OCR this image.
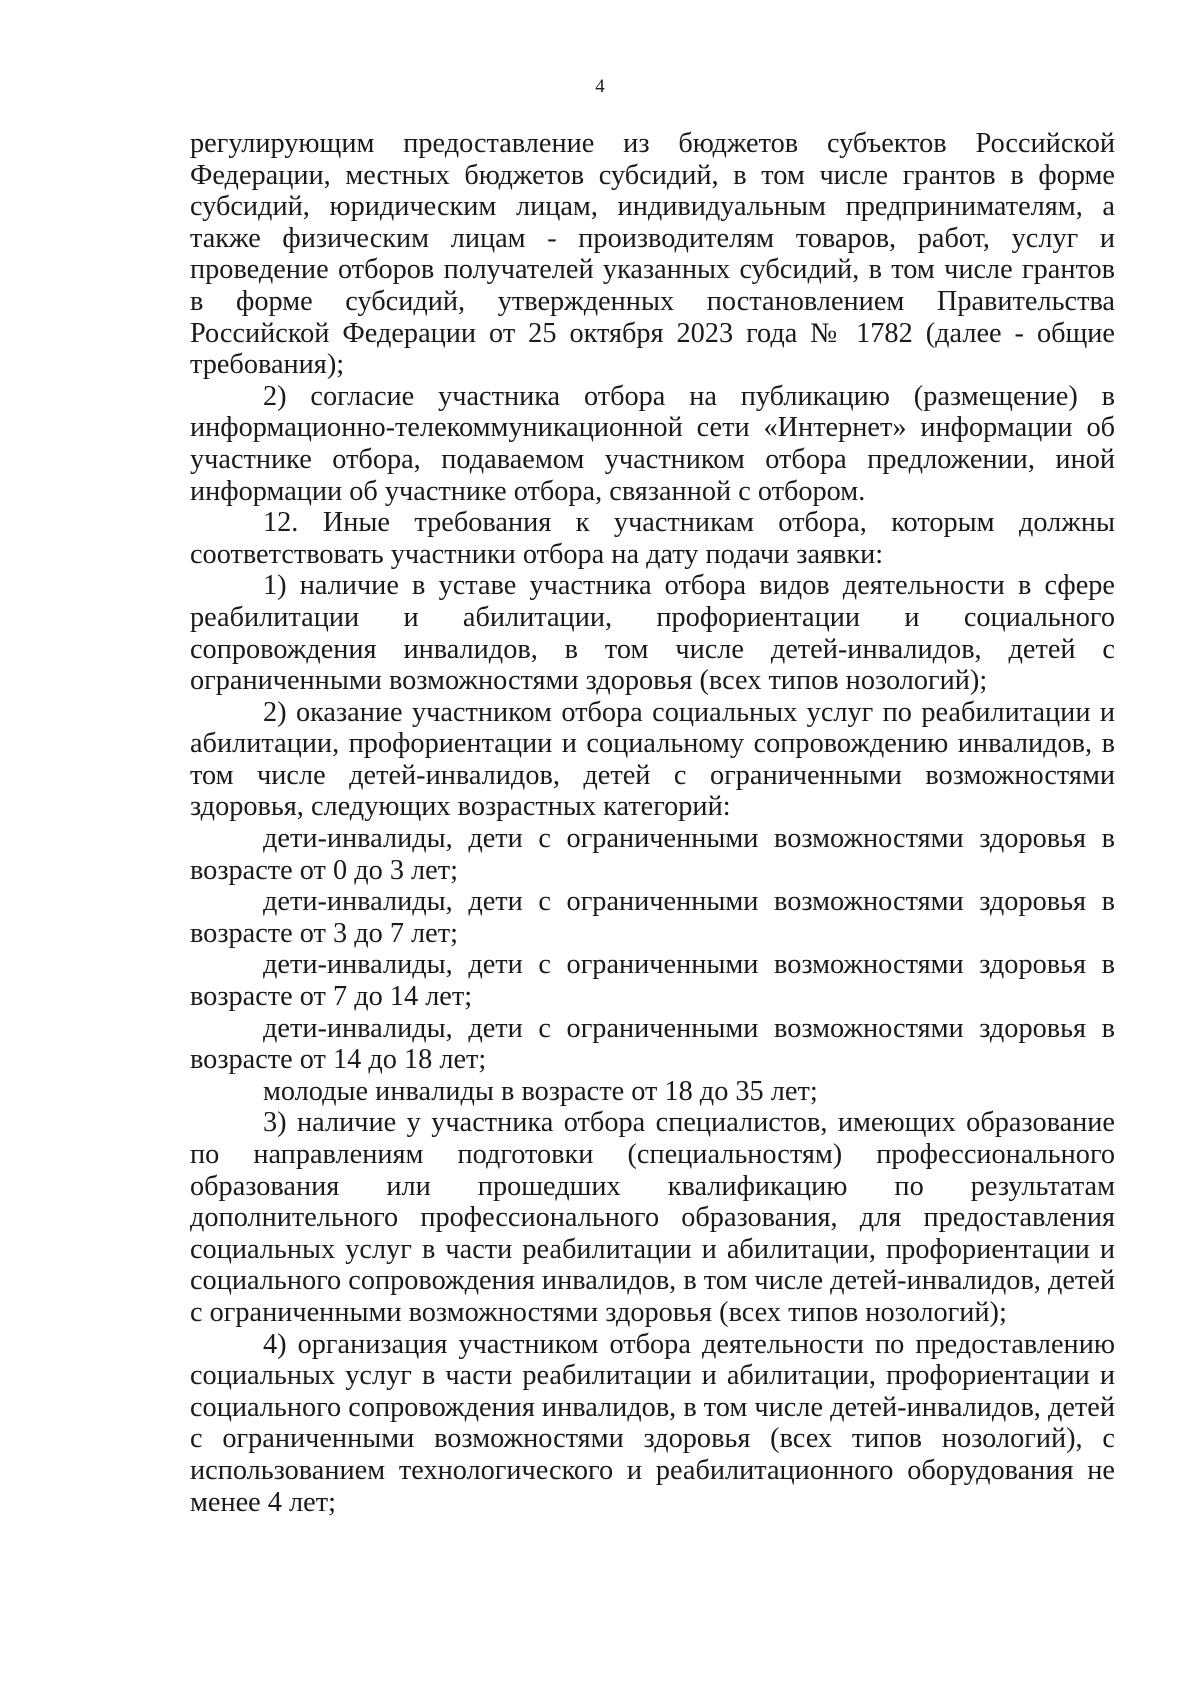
4

регулирующим предоставление из бюджетов субъектов Российской Федерации, местных бюджетов субсидий, в том числе грантов в форме субсидий, юридическим лицам, индивидуальным предпринимателям, а также физическим лицам - производителям товаров, работ, услуг и проведение отборов получателей указанных субсидий, в том числе грантов в форме субсидий, утвержденных постановлением Правительства Российской Федерации от 25 октября 2023 года № 1782 (далее - общие требования);

2) согласие участника отбора на публикацию (размещение) в информационно-телекоммуникационной сети «Интернет» информации об участнике отбора, подаваемом участником отбора предложении, иной информации об участнике отбора, связанной с отбором.

12. Иные требования к участникам отбора, которым должны соответствовать участники отбора на дату подачи заявки:

1) наличие в уставе участника отбора видов деятельности в сфере реабилитации и абилитации, профориентации и социального сопровождения инвалидов, в том числе детей-инвалидов, детей с ограниченными возможностями здоровья (всех типов нозологий);

2) оказание участником отбора социальных услуг по реабилитации и абилитации, профориентации и социальному сопровождению инвалидов, в том числе детей-инвалидов, детей с ограниченными возможностями здоровья, следующих возрастных категорий:

дети-инвалиды, дети с ограниченными возможностями здоровья в возрасте от 0 до 3 лет;

дети-инвалиды, дети с ограниченными возможностями здоровья в возрасте от 3 до 7 лет;

дети-инвалиды, дети с ограниченными возможностями здоровья в возрасте от 7 до 14 лет;

дети-инвалиды, дети с ограниченными возможностями здоровья в возрасте от 14 до 18 лет;

молодые инвалиды в возрасте от 18 до 35 лет;

3) наличие у участника отбора специалистов, имеющих образование по направлениям подготовки (специальностям) профессионального образования или прошедших квалификацию по результатам дополнительного профессионального образования, для предоставления социальных услуг в части реабилитации и абилитации, профориентации и социального сопровождения инвалидов, в том числе детей-инвалидов, детей с ограниченными возможностями здоровья (всех типов нозологий);

4) организация участником отбора деятельности по предоставлению социальных услуг в части реабилитации и абилитации, профориентации и социального сопровождения инвалидов, в том числе детей-инвалидов, детей с ограниченными возможностями здоровья (всех типов нозологий), с использованием технологического и реабилитационного оборудования не менее 4 лет;
